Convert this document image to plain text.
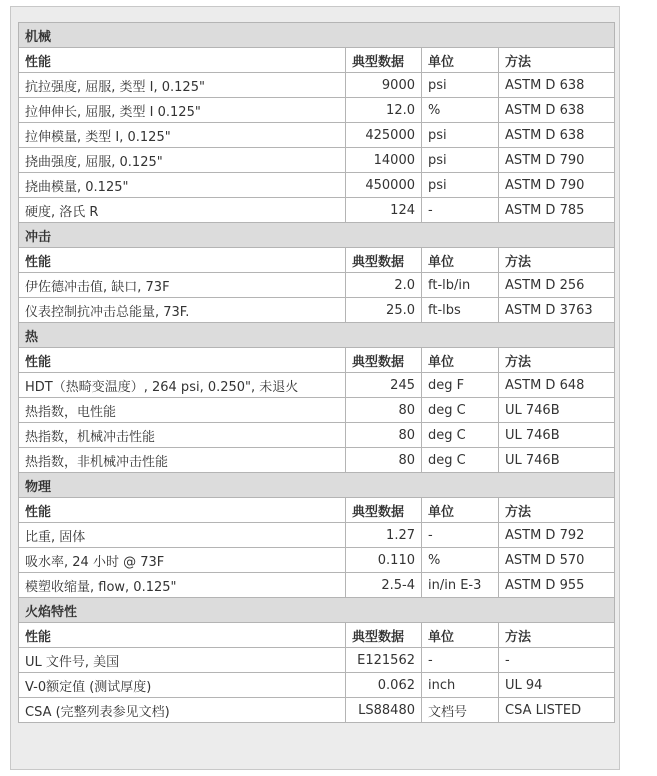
机械			
性能	典型数据	单位	方法
抗拉强度, 屈服, 类型 I, 0.125"	9000	psi	ASTM D 638
拉伸伸长, 屈服, 类型 I 0.125"	12.0	%	ASTM D 638
拉伸模量, 类型 I, 0.125"	425000	psi	ASTM D 638
挠曲强度, 屈服, 0.125"	14000	psi	ASTM D 790
挠曲模量, 0.125"	450000	psi	ASTM D 790
硬度, 洛氏 R	124	-	ASTM D 785
冲击			
性能	典型数据	单位	方法
伊佐德冲击值, 缺口, 73F	2.0	ft-lb/in	ASTM D 256
仪表控制抗冲击总能量, 73F.	25.0	ft-lbs	ASTM D 3763
热			
性能	典型数据	单位	方法
HDT（热畸变温度）, 264 psi, 0.250", 未退火	245	deg F	ASTM D 648
热指数，电性能	80	deg C	UL 746B
热指数，机械冲击性能	80	deg C	UL 746B
热指数，非机械冲击性能	80	deg C	UL 746B
物理			
性能	典型数据	单位	方法
比重, 固体	1.27	-	ASTM D 792
吸水率, 24 小时 @ 73F	0.110	%	ASTM D 570
模塑收缩量, flow, 0.125"	2.5-4	in/in E-3	ASTM D 955
火焰特性			
性能	典型数据	单位	方法
UL 文件号, 美国	E121562	-	-
V-0额定值 (测试厚度)	0.062	inch	UL 94
CSA (完整列表参见文档)	LS88480	文档号	CSA LISTED
